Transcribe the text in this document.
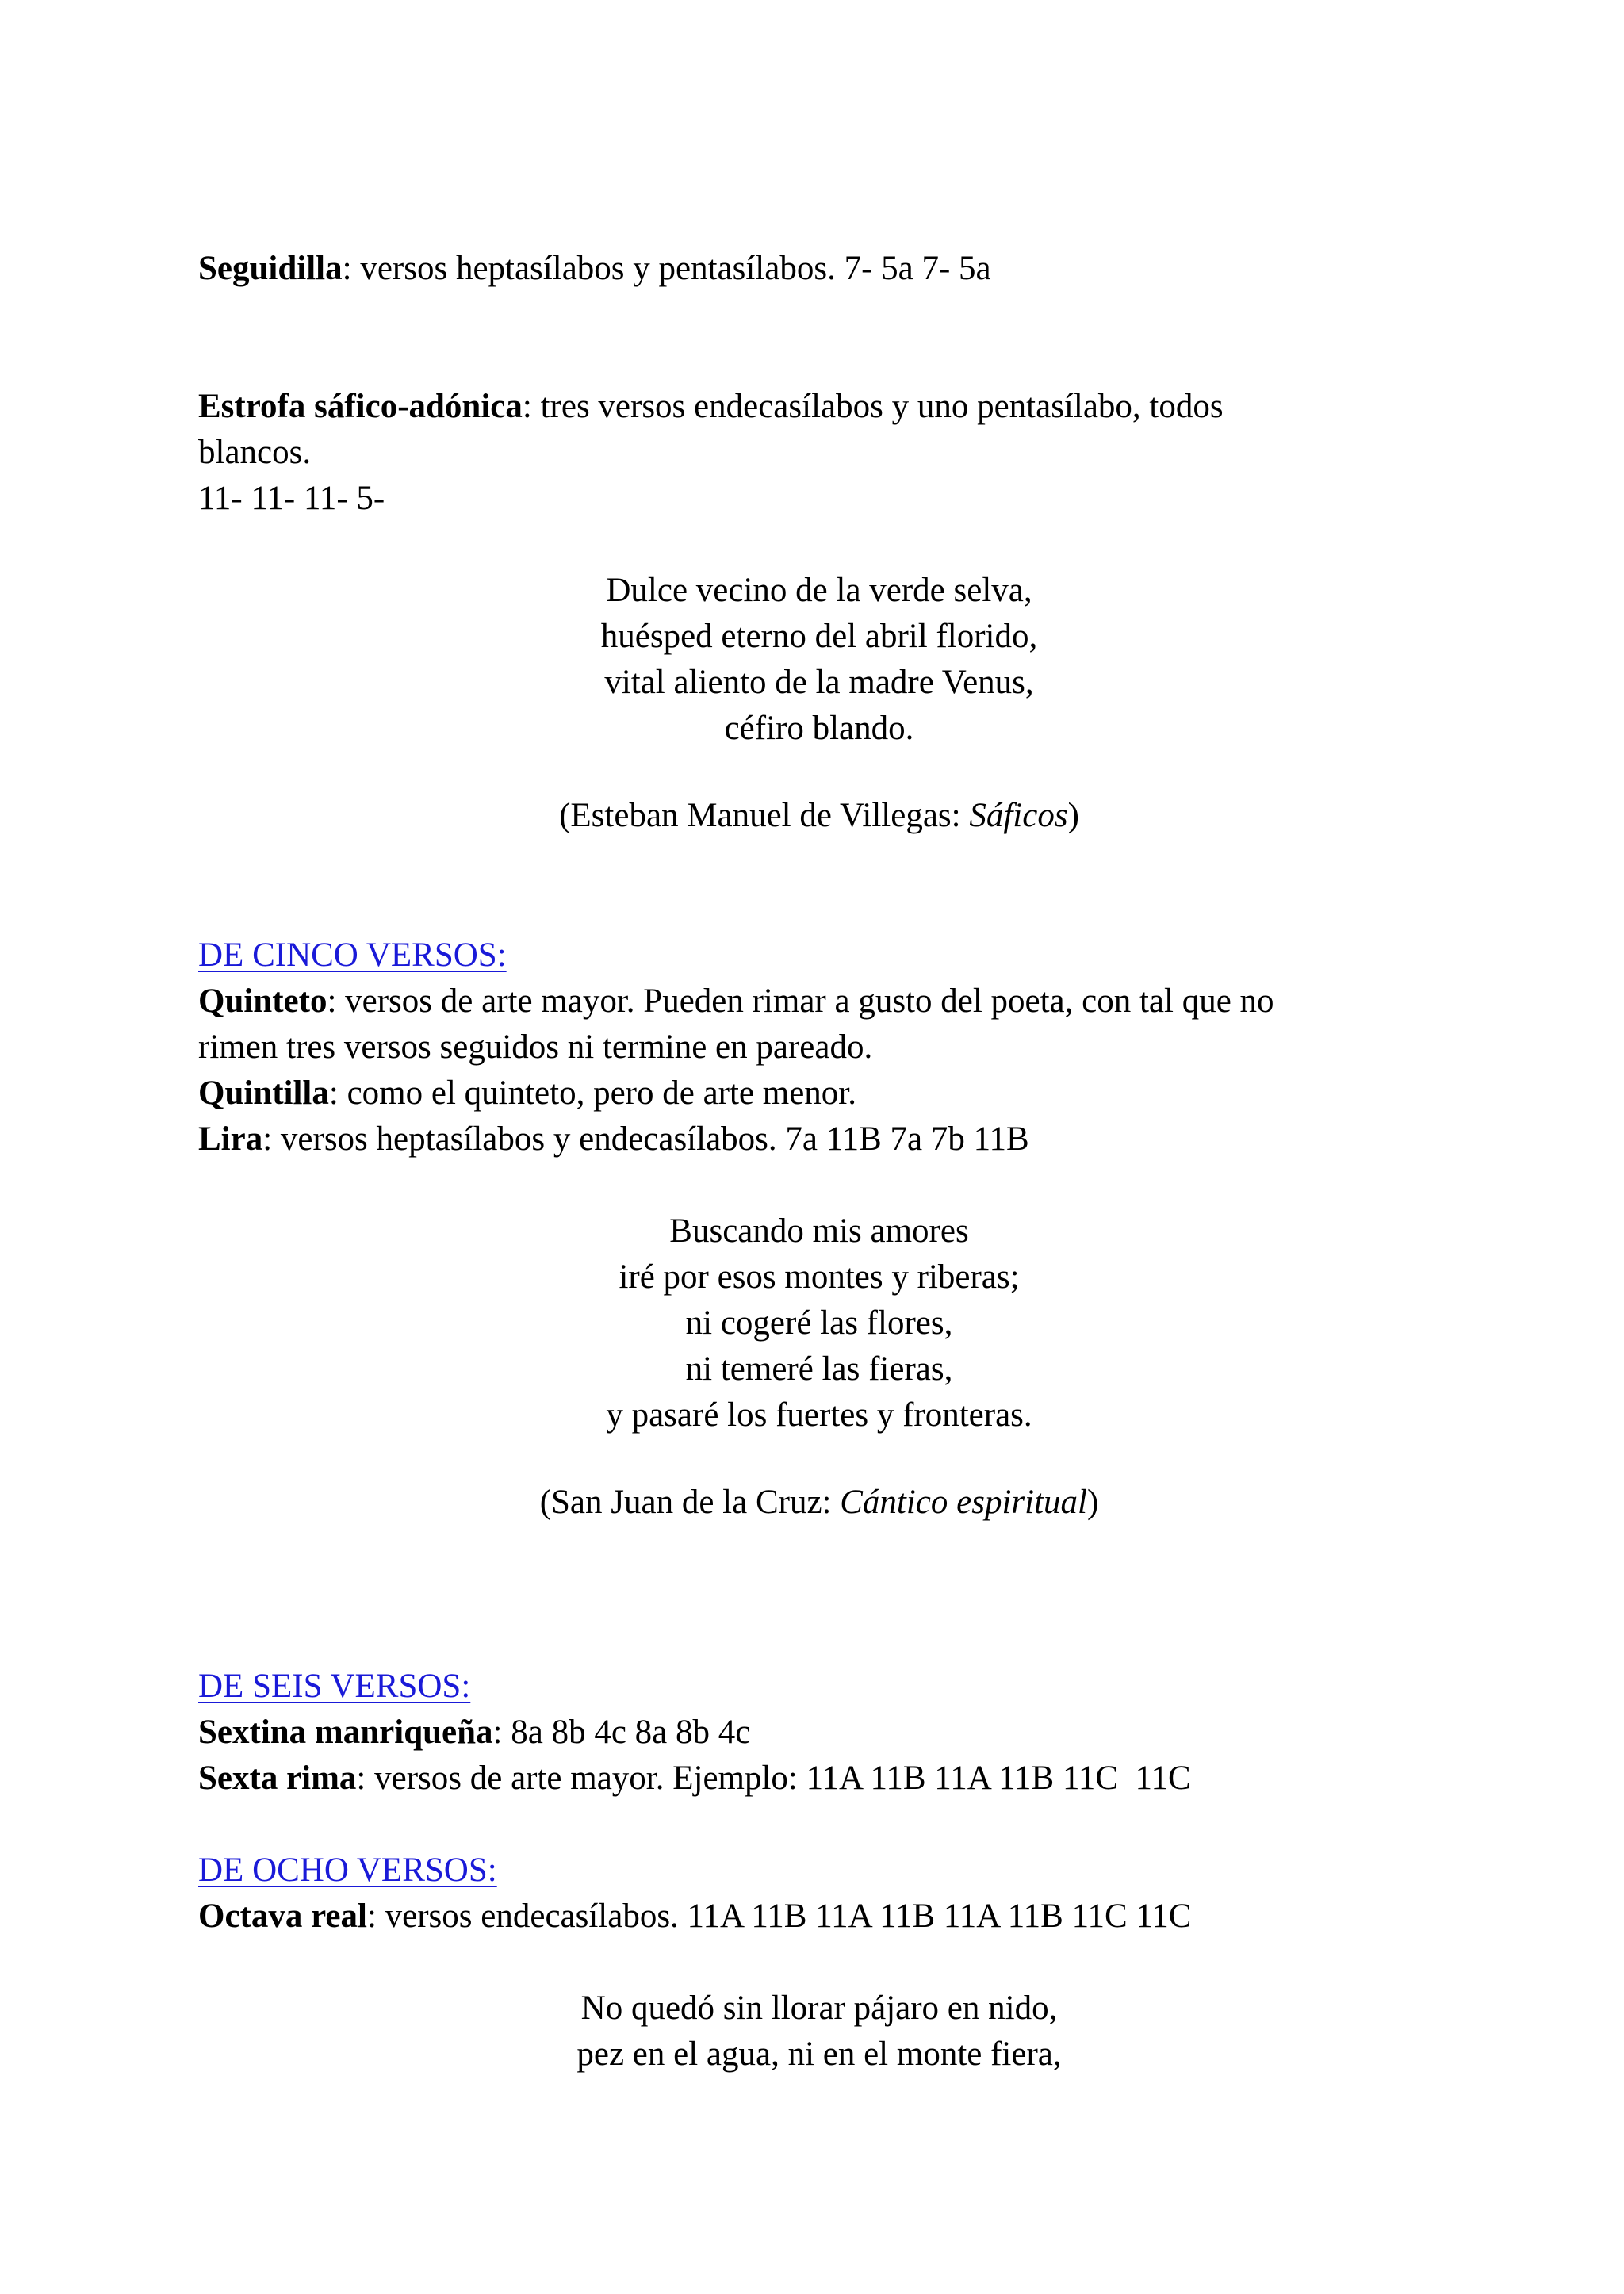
Seguidilla: versos heptasílabos y pentasílabos. 7- 5a 7- 5a

Estrofa sáfico-adónica: tres versos endecasílabos y uno pentasílabo, todos

blancos.

11- 11- 11- 5-

Dulce vecino de la verde selva,
huésped eterno del abril florido,
vital aliento de la madre Venus,
céfiro blando.

(Esteban Manuel de Villegas: Sáficos)

DE CINCO VERSOS:

Quinteto: versos de arte mayor. Pueden rimar a gusto del poeta, con tal que no

rimen tres versos seguidos ni termine en pareado.

Quintilla: como el quinteto, pero de arte menor.

Lira: versos heptasílabos y endecasílabos. 7a 11B 7a 7b 11B

Buscando mis amores
iré por esos montes y riberas;
ni cogeré las flores,
ni temeré las fieras,
y pasaré los fuertes y fronteras.

(San Juan de la Cruz: Cántico espiritual)

DE SEIS VERSOS:

Sextina manriqueña: 8a 8b 4c 8a 8b 4c

Sexta rima: versos de arte mayor. Ejemplo: 11A 11B 11A 11B 11C  11C

DE OCHO VERSOS:

Octava real: versos endecasílabos. 11A 11B 11A 11B 11A 11B 11C 11C

No quedó sin llorar pájaro en nido,
pez en el agua, ni en el monte fiera,
